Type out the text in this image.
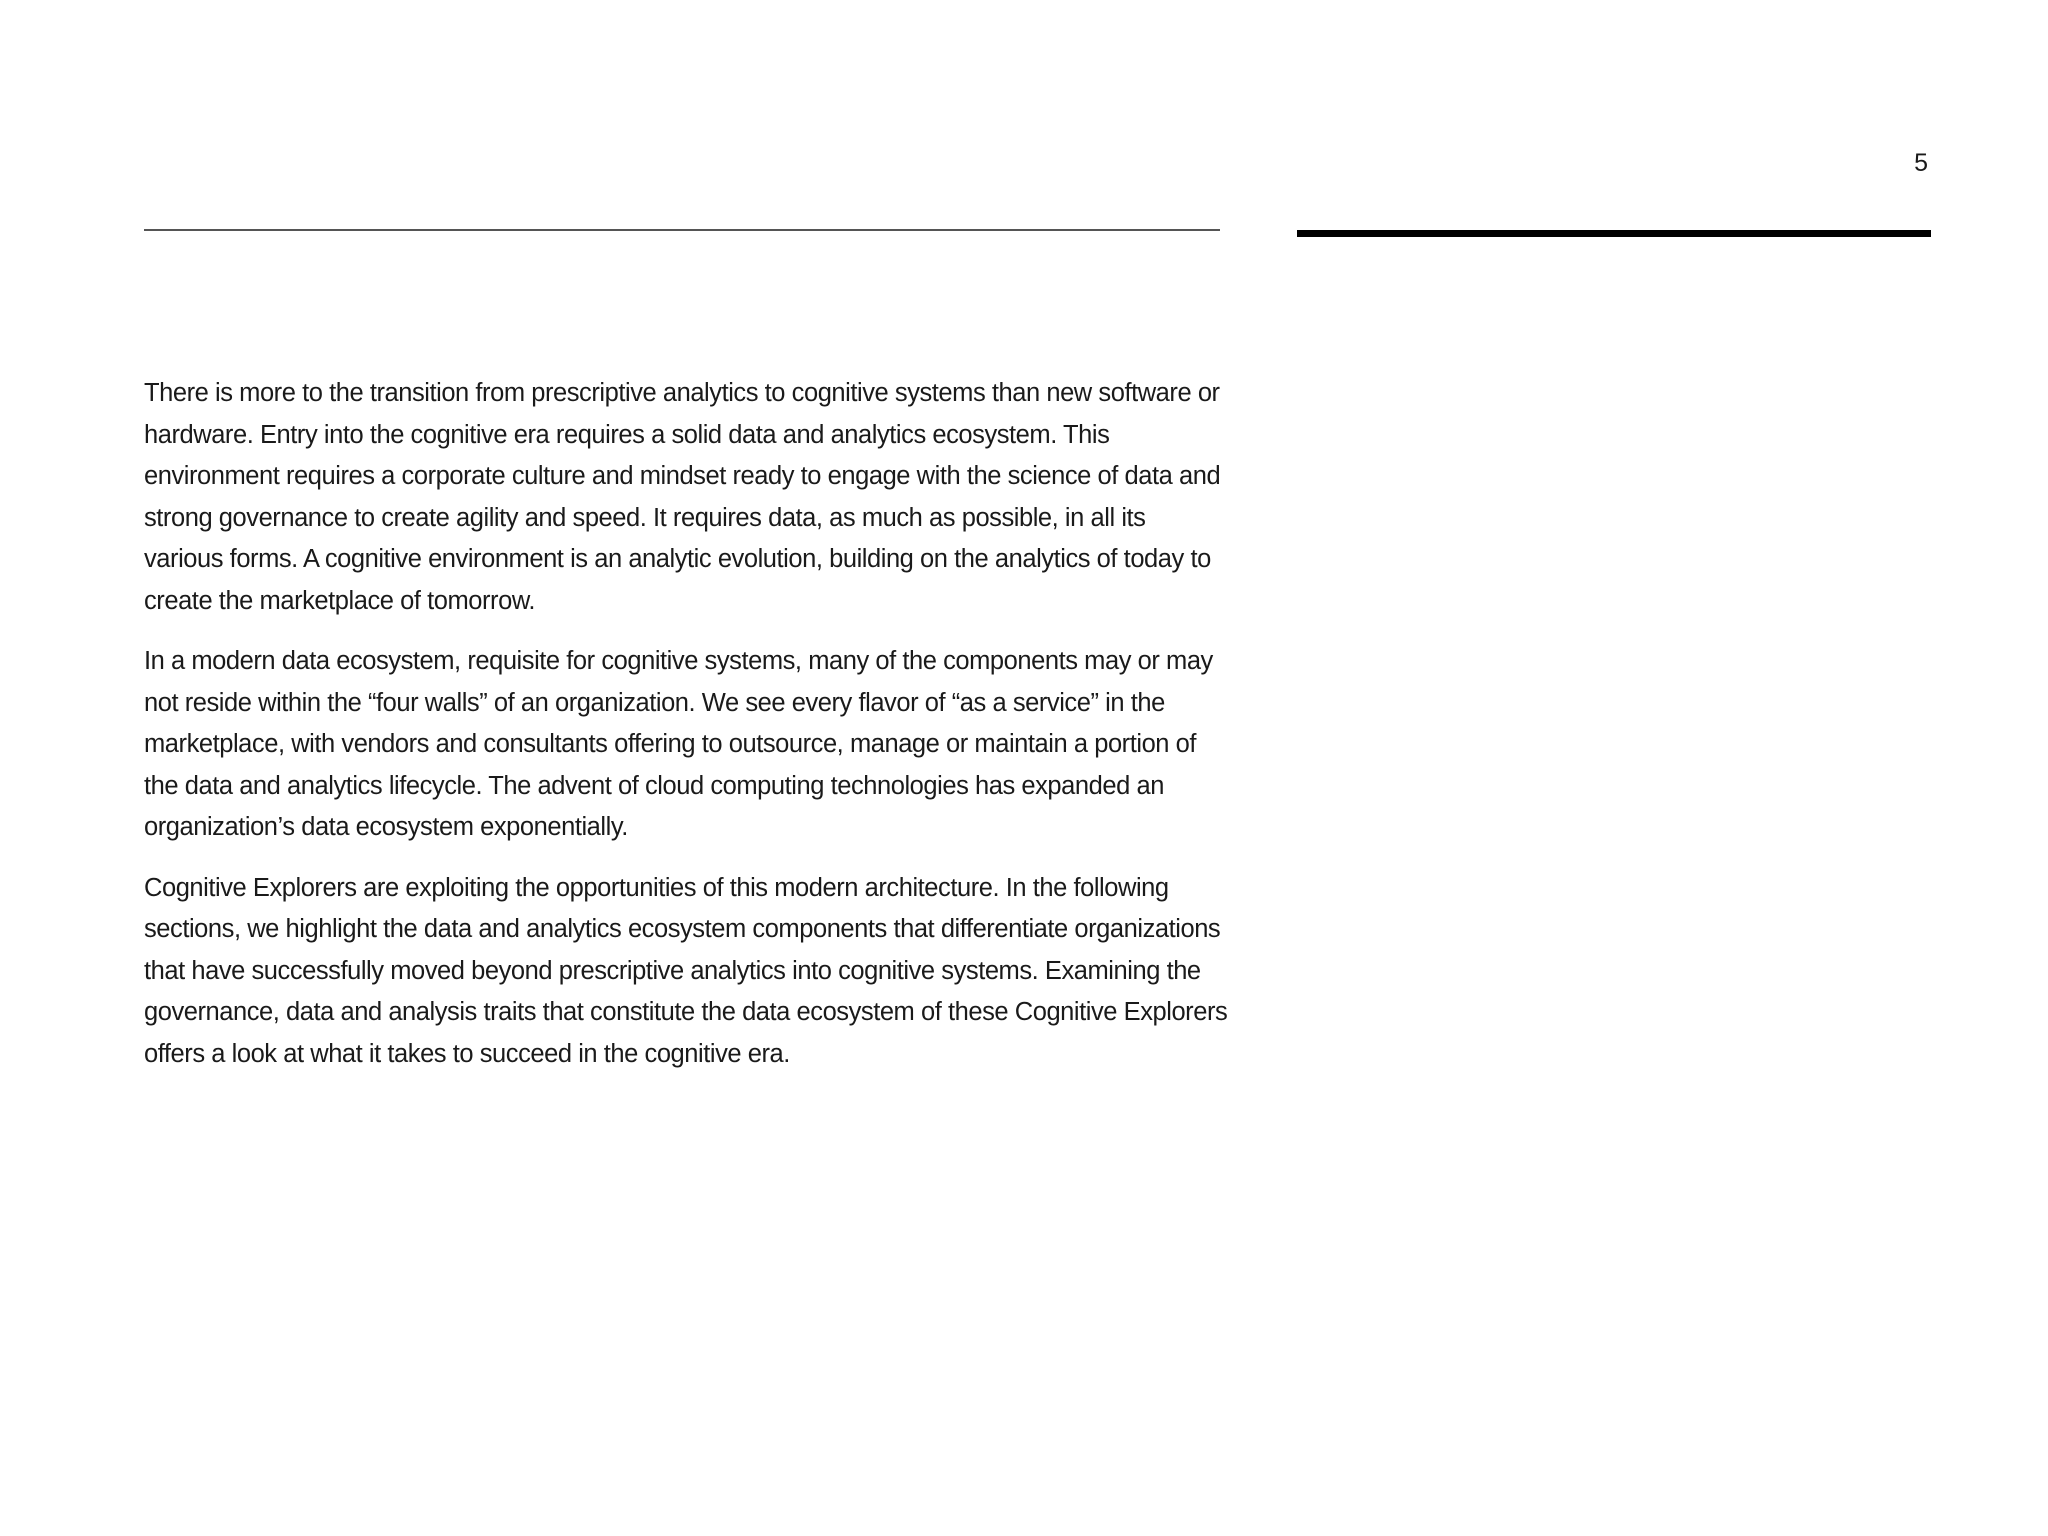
5

There is more to the transition from prescriptive analytics to cognitive systems than new software or hardware. Entry into the cognitive era requires a solid data and analytics ecosystem. This environment requires a corporate culture and mindset ready to engage with the science of data and strong governance to create agility and speed. It requires data, as much as possible, in all its various forms. A cognitive environment is an analytic evolution, building on the analytics of today to create the marketplace of tomorrow.

In a modern data ecosystem, requisite for cognitive systems, many of the components may or may not reside within the “four walls” of an organization. We see every flavor of “as a service” in the marketplace, with vendors and consultants offering to outsource, manage or maintain a portion of the data and analytics lifecycle. The advent of cloud computing technologies has expanded an organization’s data ecosystem exponentially.

Cognitive Explorers are exploiting the opportunities of this modern architecture. In the following sections, we highlight the data and analytics ecosystem components that differentiate organizations that have successfully moved beyond prescriptive analytics into cognitive systems. Examining the governance, data and analysis traits that constitute the data ecosystem of these Cognitive Explorers offers a look at what it takes to succeed in the cognitive era.
